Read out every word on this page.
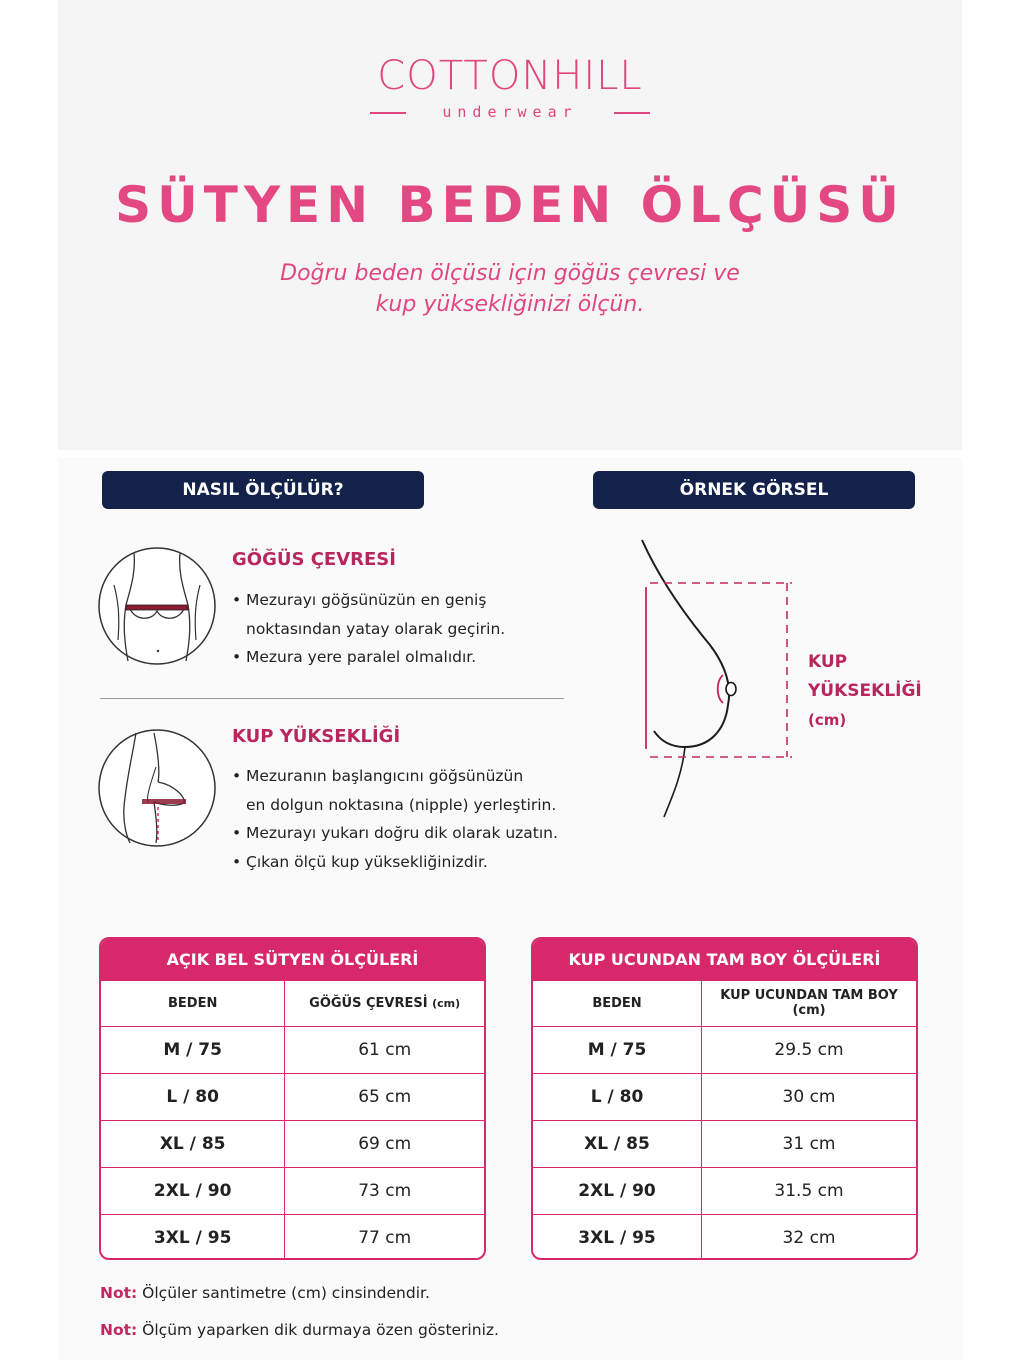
COTTONHILL
underwear
SÜTYEN BEDEN ÖLÇÜSÜ
Doğru beden ölçüsü için göğüs çevresi ve
kup yüksekliğinizi ölçün.
NASIL ÖLÇÜLÜR?	ÖRNEK GÖRSEL
GÖĞÜS ÇEVRESİ
• Mezurayı göğsünüzün en geniş
noktasından yatay olarak geçirin.
• Mezura yere paralel olmalıdır.
KUP YÜKSEKLİĞİ
• Mezuranın başlangıcını göğsünüzün
en dolgun noktasına (nipple) yerleştirin.
• Mezurayı yukarı doğru dik olarak uzatın.
• Çıkan ölçü kup yüksekliğinizdir.
KUP
YÜKSEKLİĞİ
(cm)
AÇIK BEL SÜTYEN ÖLÇÜLERİ
BEDEN	GÖĞÜS ÇEVRESİ (cm)
M / 75	61 cm
L / 80	65 cm
XL / 85	69 cm
2XL / 90	73 cm
3XL / 95	77 cm
KUP UCUNDAN TAM BOY ÖLÇÜLERİ
BEDEN	KUP UCUNDAN TAM BOY (cm)
M / 75	29.5 cm
L / 80	30 cm
XL / 85	31 cm
2XL / 90	31.5 cm
3XL / 95	32 cm
Not: Ölçüler santimetre (cm) cinsindendir.
Not: Ölçüm yaparken dik durmaya özen gösteriniz.
